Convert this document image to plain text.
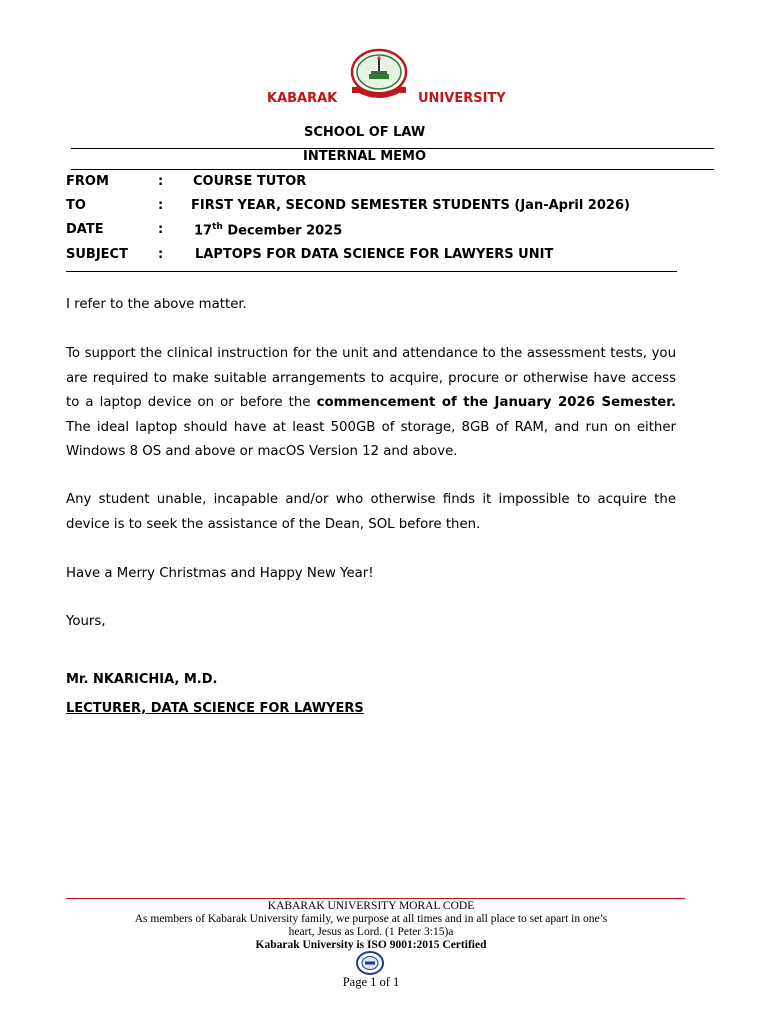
KABARAK	UNIVERSITY
SCHOOL OF LAW
INTERNAL MEMO
FROM	: COURSE TUTOR
TO	: FIRST YEAR, SECOND SEMESTER STUDENTS (Jan-April 2026)
DATE	: 17th December 2025
SUBJECT : LAPTOPS FOR DATA SCIENCE FOR LAWYERS UNIT
I refer to the above matter.
To support the clinical instruction for the unit and attendance to the assessment tests, you are required to make suitable arrangements to acquire, procure or otherwise have access to a laptop device on or before the commencement of the January 2026 Semester. The ideal laptop should have at least 500GB of storage, 8GB of RAM, and run on either Windows 8 OS and above or macOS Version 12 and above.
Any student unable, incapable and/or who otherwise finds it impossible to acquire the device is to seek the assistance of the Dean, SOL before then.
Have a Merry Christmas and Happy New Year!
Yours,
Mr. NKARICHIA, M.D.
LECTURER, DATA SCIENCE FOR LAWYERS
KABARAK UNIVERSITY MORAL CODE
As members of Kabarak University family, we purpose at all times and in all place to set apart in one’s
heart, Jesus as Lord. (1 Peter 3:15)a
Kabarak University is ISO 9001:2015 Certified
Page 1 of 1
